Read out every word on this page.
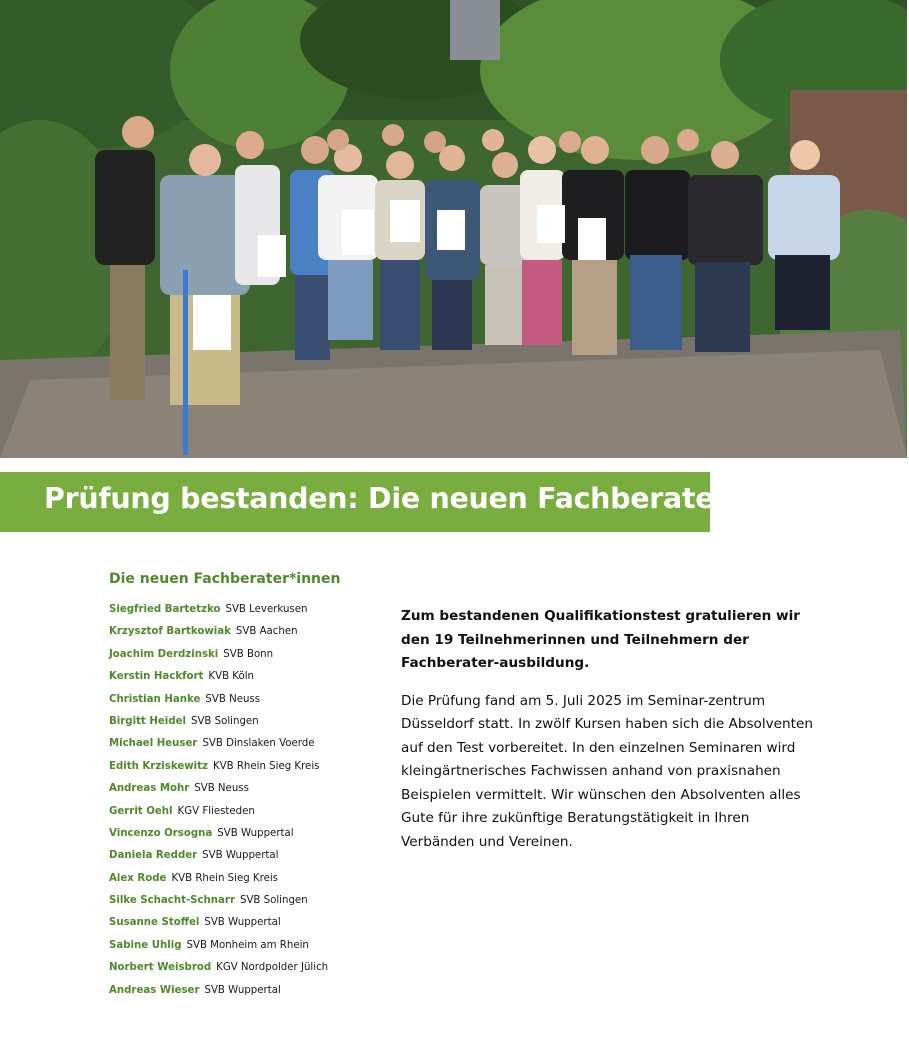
Prüfung bestanden: Die neuen Fachberater
Die neuen Fachberater*innen
Siegfried Bartetzko SVB Leverkusen
Krzysztof Bartkowiak SVB Aachen
Joachim Derdzinski SVB Bonn
Kerstin Hackfort KVB Köln
Christian Hanke SVB Neuss
Birgitt Heidel SVB Solingen
Michael Heuser SVB Dinslaken Voerde
Edith Krziskewitz KVB Rhein Sieg Kreis
Andreas Mohr SVB Neuss
Gerrit Oehl KGV Fliesteden
Vincenzo Orsogna SVB Wuppertal
Daniela Redder SVB Wuppertal
Alex Rode KVB Rhein Sieg Kreis
Silke Schacht-Schnarr SVB Solingen
Susanne Stoffel SVB Wuppertal
Sabine Uhlig SVB Monheim am Rhein
Norbert Weisbrod KGV Nordpolder Jülich
Andreas Wieser SVB Wuppertal

Zum bestandenen Qualifikationstest gratulieren wir den 19 Teilnehmerinnen und Teilnehmern der Fachberater-ausbildung.

Die Prüfung fand am 5. Juli 2025 im Seminar-zentrum Düsseldorf statt. In zwölf Kursen haben sich die Absolventen auf den Test vorbereitet. In den einzelnen Seminaren wird kleingärtnerisches Fachwissen anhand von praxisnahen Beispielen vermittelt. Wir wünschen den Absolventen alles Gute für ihre zukünftige Beratungstätigkeit in Ihren Verbänden und Vereinen.
